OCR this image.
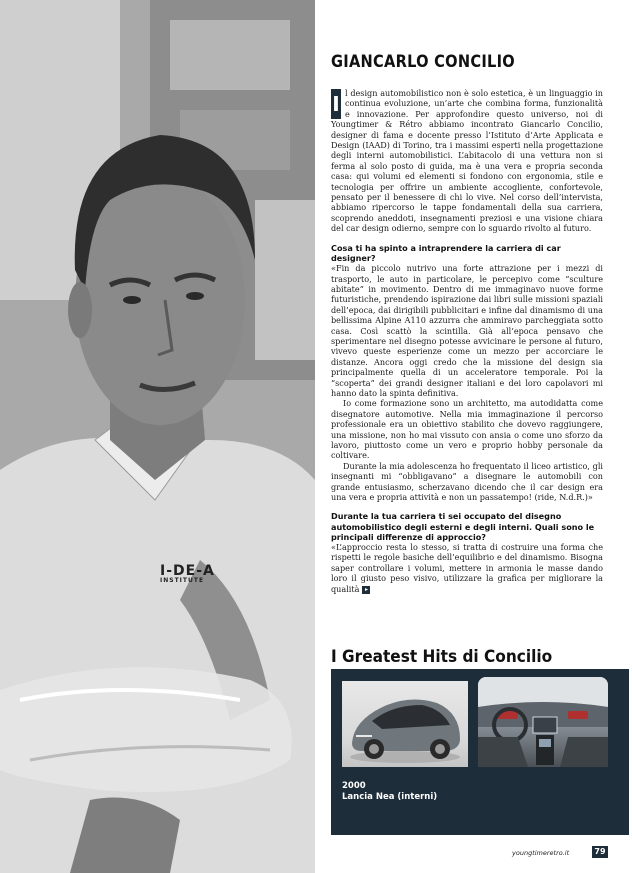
I-DE-A
INSTITUTE
GIANCARLO CONCILIO

I l design automobilistico non è solo estetica, è un linguaggio in continua evoluzione, un’arte che combina forma, funzionalità e innovazione. Per approfondire questo universo, noi di Youngtimer & Rétro abbiamo incontrato Giancarlo Concilio, designer di fama e docente presso l’Istituto d’Arte Applicata e Design (IAAD) di Torino, tra i massimi esperti nella progettazione degli interni automobilistici. L’abitacolo di una vettura non si ferma al solo posto di guida, ma è una vera e propria seconda casa: qui volumi ed elementi si fondono con ergonomia, stile e tecnologia per offrire un ambiente accogliente, confortevole, pensato per il benessere di chi lo vive. Nel corso dell’intervista, abbiamo ripercorso le tappe fondamentali della sua carriera, scoprendo aneddoti, insegnamenti preziosi e una visione chiara del car design odierno, sempre con lo sguardo rivolto al futuro.

Cosa ti ha spinto a intraprendere la carriera di car designer?

«Fin da piccolo nutrivo una forte attrazione per i mezzi di trasporto, le auto in particolare, le percepivo come “sculture abitate” in movimento. Dentro di me immaginavo nuove forme futuristiche, prendendo ispirazione dai libri sulle missioni spaziali dell’epoca, dai dirigibili pubblicitari e infine dal dinamismo di una bellissima Alpine A110 azzurra che ammiravo parcheggiata sotto casa. Così scattò la scintilla. Già all’epoca pensavo che sperimentare nel disegno potesse avvicinare le persone al futuro, vivevo queste esperienze come un mezzo per accorciare le distanze. Ancora oggi credo che la missione del design sia principalmente quella di un acceleratore temporale. Poi la “scoperta” dei grandi designer italiani e dei loro capolavori mi hanno dato la spinta definitiva.

Io come formazione sono un architetto, ma autodidatta come disegnatore automotive. Nella mia immaginazione il percorso professionale era un obiettivo stabilito che dovevo raggiungere, una missione, non ho mai vissuto con ansia o come uno sforzo da lavoro, piuttosto come un vero e proprio hobby personale da coltivare.

Durante la mia adolescenza ho frequentato il liceo artistico, gli insegnanti mi “obbligavano” a disegnare le automobili con grande entusiasmo, scherzavano dicendo che il car design era una vera e propria attività e non un passatempo! (ride, N.d.R.)»

Durante la tua carriera ti sei occupato del disegno automobilistico degli esterni e degli interni. Quali sono le principali differenze di approccio?

«L’approccio resta lo stesso, si tratta di costruire una forma che rispetti le regole basiche dell’equilibrio e del dinamismo. Bisogna saper controllare i volumi, mettere in armonia le masse dando loro il giusto peso visivo, utilizzare la grafica per migliorare la qualità ▸

I Greatest Hits di Concilio

2000

Lancia Nea (interni)

youngtimeretro.it	79
